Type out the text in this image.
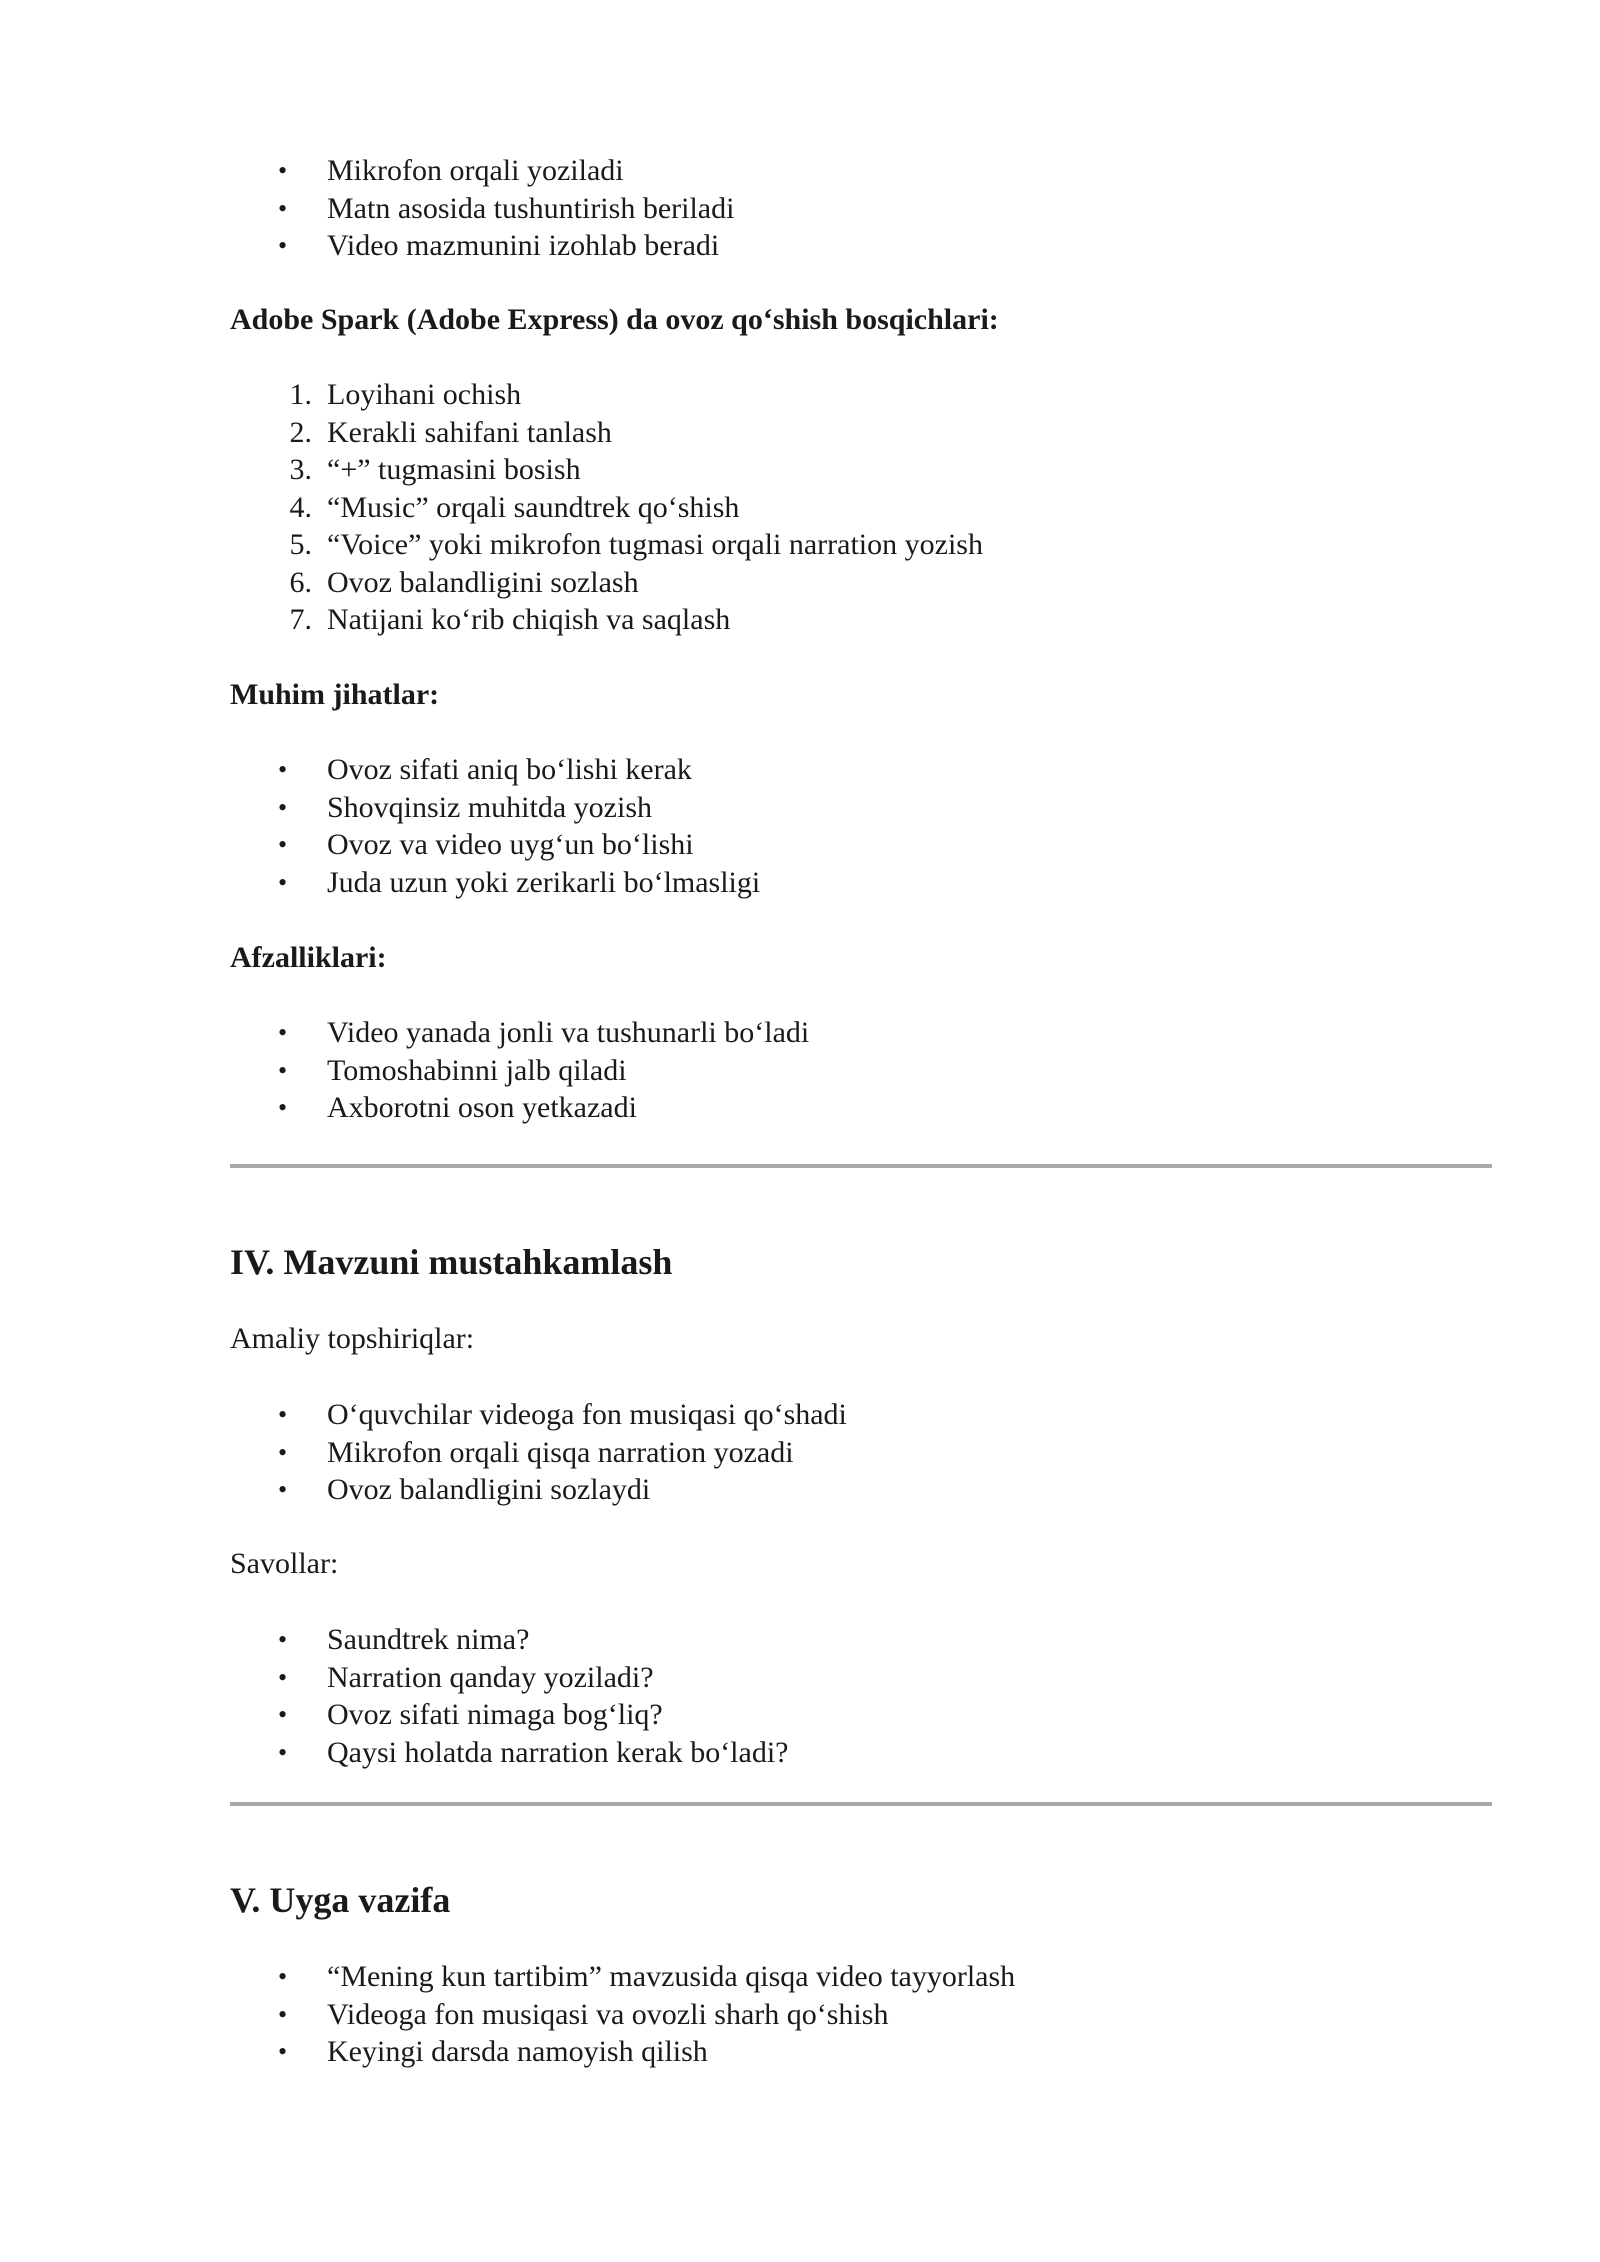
•	Mikrofon orqali yoziladi
•	Matn asosida tushuntirish beriladi
•	Video mazmunini izohlab beradi
Adobe Spark (Adobe Express) da ovoz qo‘shish bosqichlari:
1. Loyihani ochish
2. Kerakli sahifani tanlash
3. “+” tugmasini bosish
4. “Music” orqali saundtrek qo‘shish
5. “Voice” yoki mikrofon tugmasi orqali narration yozish
6. Ovoz balandligini sozlash
7. Natijani ko‘rib chiqish va saqlash
Muhim jihatlar:
•	Ovoz sifati aniq bo‘lishi kerak
•	Shovqinsiz muhitda yozish
•	Ovoz va video uyg‘un bo‘lishi
•	Juda uzun yoki zerikarli bo‘lmasligi
Afzalliklari:
•	Video yanada jonli va tushunarli bo‘ladi
•	Tomoshabinni jalb qiladi
•	Axborotni oson yetkazadi
IV. Mavzuni mustahkamlash
Amaliy topshiriqlar:
•	O‘quvchilar videoga fon musiqasi qo‘shadi
•	Mikrofon orqali qisqa narration yozadi
•	Ovoz balandligini sozlaydi
Savollar:
•	Saundtrek nima?
•	Narration qanday yoziladi?
•	Ovoz sifati nimaga bog‘liq?
•	Qaysi holatda narration kerak bo‘ladi?
V. Uyga vazifa
•	“Mening kun tartibim” mavzusida qisqa video tayyorlash
•	Videoga fon musiqasi va ovozli sharh qo‘shish
•	Keyingi darsda namoyish qilish
